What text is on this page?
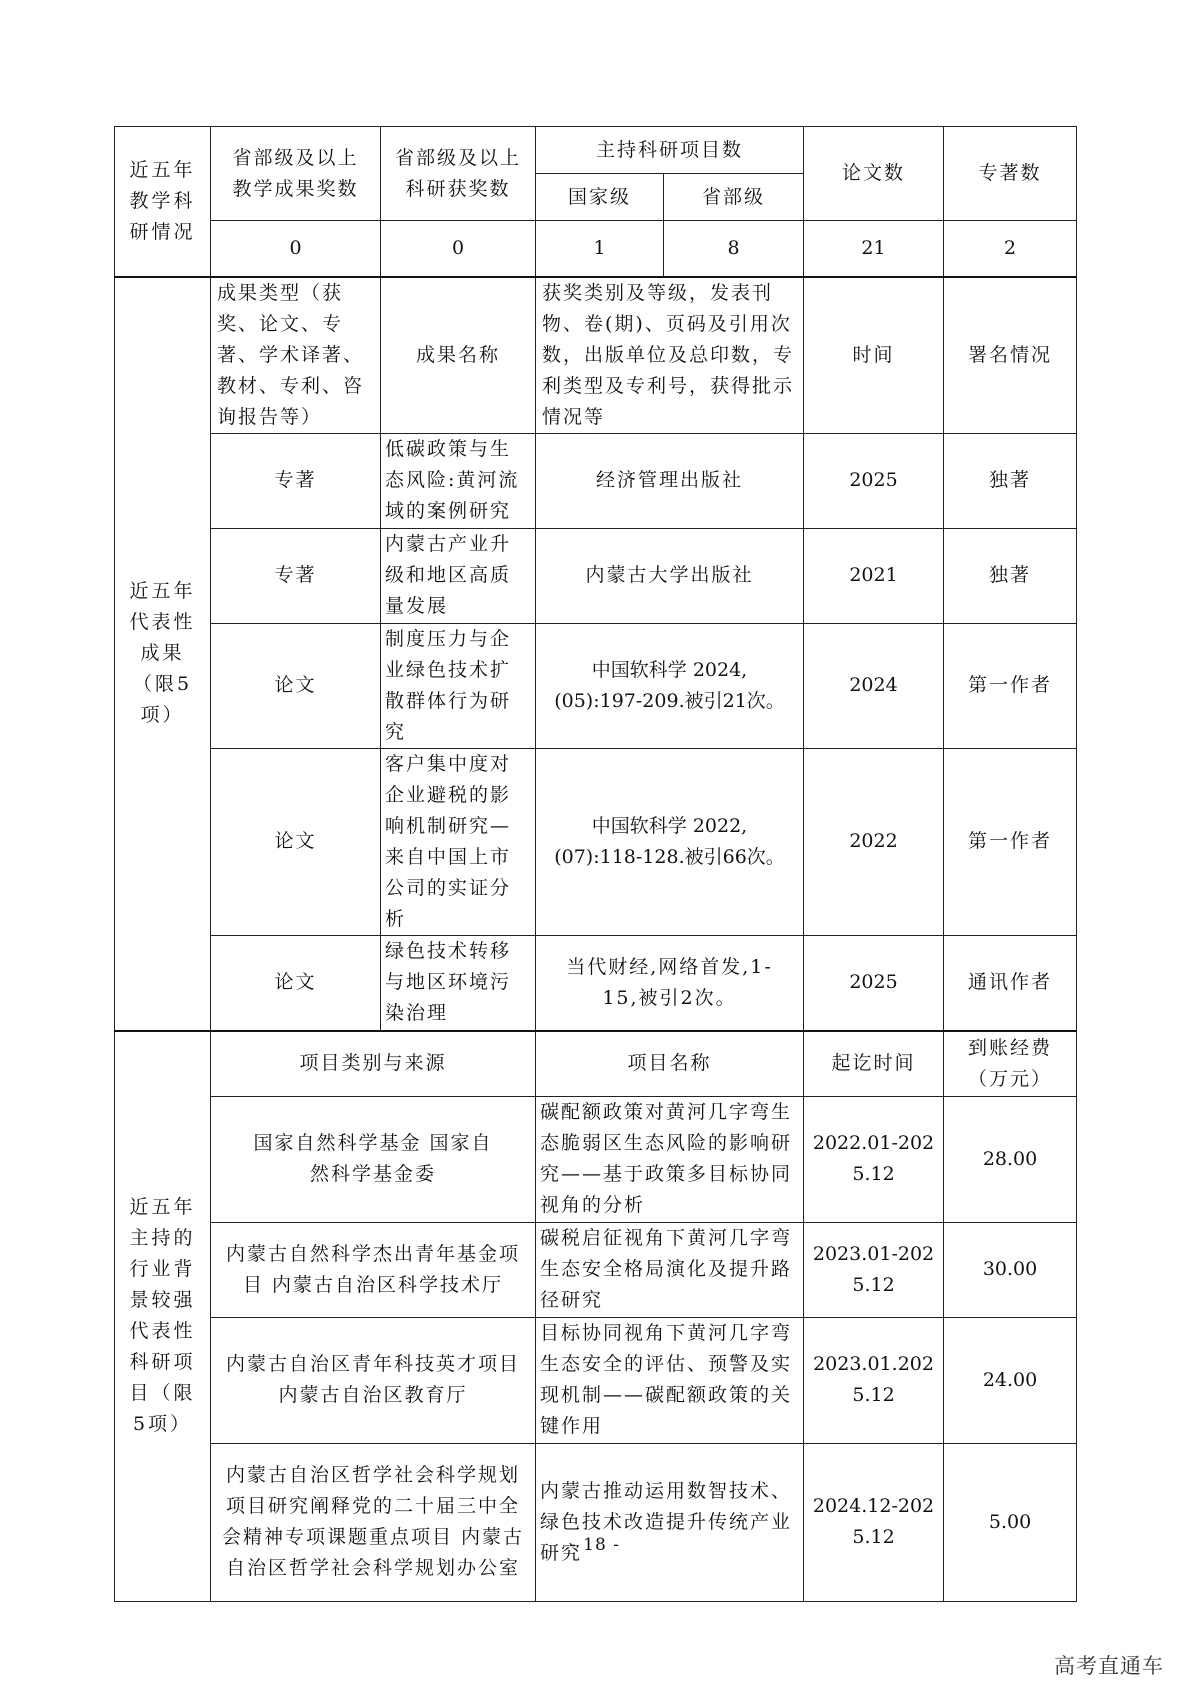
近五年教学科研情况	省部级及以上教学成果奖数	省部级及以上科研获奖数	主持科研项目数		论文数	专著数
			国家级	省部级		
	0	0	1	8	21	2
近五年代表性成果（限5项）	成果类型（获奖、论文、专著、学术译著、教材、专利、咨询报告等）	成果名称	获奖类别及等级，发表刊物、卷(期)、页码及引用次数，出版单位及总印数，专利类型及专利号，获得批示情况等		时间	署名情况
	专著	低碳政策与生态风险:黄河流域的案例研究	经济管理出版社		2025	独著
	专著	内蒙古产业升级和地区高质量发展	内蒙古大学出版社		2021	独著
	论文	制度压力与企业绿色技术扩散群体行为研究	中国软科学 2024,(05):197-209.被引21次。		2024	第一作者
	论文	客户集中度对企业避税的影响机制研究—来自中国上市公司的实证分析	中国软科学 2022,(07):118-128.被引66次。		2022	第一作者
	论文	绿色技术转移与地区环境污染治理	当代财经,网络首发,1-15,被引2次。		2025	通讯作者
近五年主持的行业背景较强代表性科研项目（限5项）	项目类别与来源		项目名称		起讫时间	到账经费（万元）
	国家自然科学基金 国家自然科学基金委		碳配额政策对黄河几字弯生态脆弱区生态风险的影响研究——基于政策多目标协同视角的分析		2022.01-2025.12	28.00
	内蒙古自然科学杰出青年基金项目 内蒙古自治区科学技术厅		碳税启征视角下黄河几字弯生态安全格局演化及提升路径研究		2023.01-2025.12	30.00
	内蒙古自治区青年科技英才项目 内蒙古自治区教育厅		目标协同视角下黄河几字弯生态安全的评估、预警及实现机制——碳配额政策的关键作用		2023.01.2025.12	24.00
	内蒙古自治区哲学社会科学规划项目研究阐释党的二十届三中全会精神专项课题重点项目 内蒙古自治区哲学社会科学规划办公室		内蒙古推动运用数智技术、绿色技术改造提升传统产业研究		2024.12-2025.12	5.00
- 18 -
高考直通车
